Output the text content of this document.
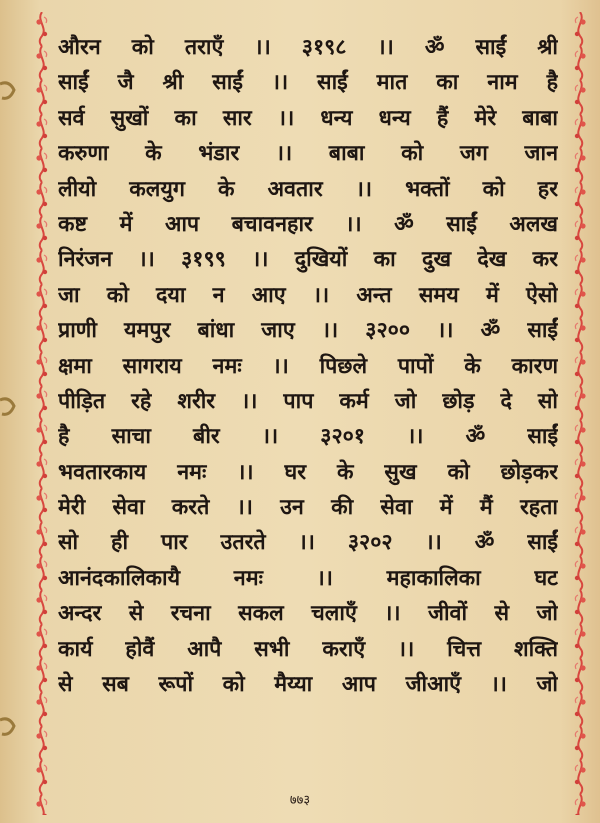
औरन को तराएँ ।। ३१९८ ।। ॐ साईं श्री
साईं जै श्री साईं ।। साईं मात का नाम है
सर्व सुखों का सार ।। धन्य धन्य हैं मेरे बाबा
करुणा के भंडार ।। बाबा को जग जान
लीयो कलयुग के अवतार ।। भक्तों को हर
कष्ट में आप बचावनहार ।। ॐ साईं अलख
निरंजन ।। ३१९९ ।। दुखियों का दुख देख कर
जा को दया न आए ।। अन्त समय में ऐसो
प्राणी यमपुर बांधा जाए ।। ३२०० ।। ॐ साईं
क्षमा सागराय नमः ।। पिछले पापों के कारण
पीड़ित रहे शरीर ।। पाप कर्म जो छोड़ दे सो
है साचा बीर ।। ३२०१ ।। ॐ साईं
भवतारकाय नमः ।। घर के सुख को छोड़कर
मेरी सेवा करते ।। उन की सेवा में मैं रहता
सो ही पार उतरते ।। ३२०२ ।। ॐ साईं
आनंदकालिकायै नमः ।। महाकालिका घट
अन्दर से रचना सकल चलाएँ ।। जीवों से जो
कार्य होवैं आपै सभी कराएँ ।। चित्त शक्ति
से सब रूपों को मैय्या आप जीआएँ ।। जो
७७३
